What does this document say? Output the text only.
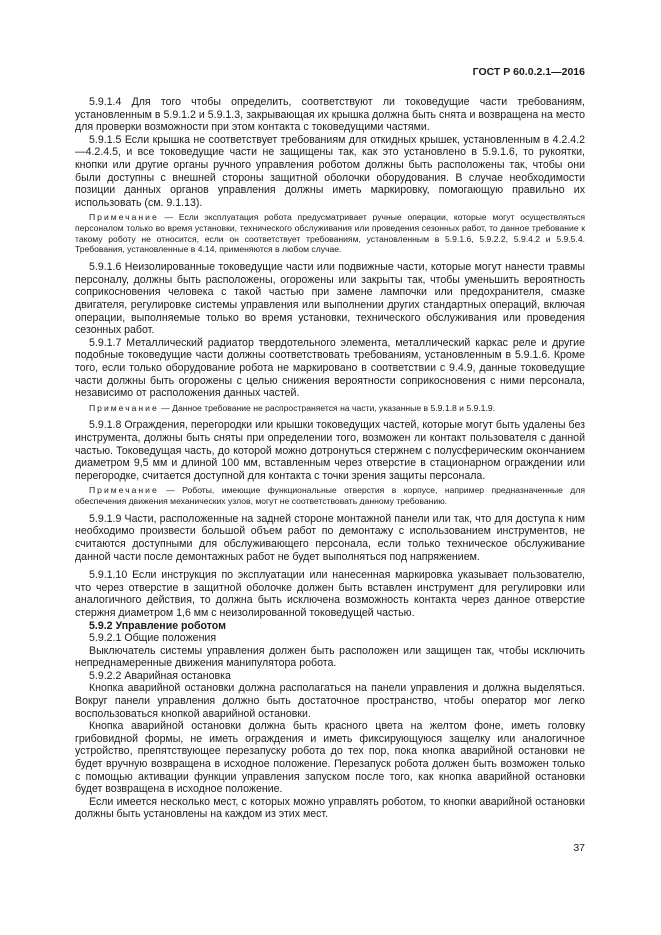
ГОСТ Р 60.0.2.1—2016

5.9.1.4 Для того чтобы определить, соответствуют ли токоведущие части требованиям, установленным в 5.9.1.2 и 5.9.1.3, закрывающая их крышка должна быть снята и возвращена на место для проверки возможности при этом контакта с токоведущими частями.

5.9.1.5 Если крышка не соответствует требованиям для откидных крышек, установленным в 4.2.4.2—4.2.4.5, и все токоведущие части не защищены так, как это установлено в 5.9.1.6, то рукоятки, кнопки или другие органы ручного управления роботом должны быть расположены так, чтобы они были доступны с внешней стороны защитной оболочки оборудования. В случае необходимости позиции данных органов управления должны иметь маркировку, помогающую правильно их использовать (см. 9.1.13).

Примечание — Если эксплуатация робота предусматривает ручные операции, которые могут осуществляться персоналом только во время установки, технического обслуживания или проведения сезонных работ, то данное требование к такому роботу не относится, если он соответствует требованиям, установленным в 5.9.1.6, 5.9.2.2, 5.9.4.2 и 5.9.5.4. Требования, установленные в 4.14, применяются в любом случае.

5.9.1.6 Неизолированные токоведущие части или подвижные части, которые могут нанести травмы персоналу, должны быть расположены, огорожены или закрыты так, чтобы уменьшить вероятность соприкосновения человека с такой частью при замене лампочки или предохранителя, смазке двигателя, регулировке системы управления или выполнении других стандартных операций, включая операции, выполняемые только во время установки, технического обслуживания или проведения сезонных работ.

5.9.1.7 Металлический радиатор твердотельного элемента, металлический каркас реле и другие подобные токоведущие части должны соответствовать требованиям, установленным в 5.9.1.6. Кроме того, если только оборудование робота не маркировано в соответствии с 9.4.9, данные токоведущие части должны быть огорожены с целью снижения вероятности соприкосновения с ними персонала, независимо от расположения данных частей.

Примечание — Данное требование не распространяется на части, указанные в 5.9.1.8 и 5.9.1.9.

5.9.1.8 Ограждения, перегородки или крышки токоведущих частей, которые могут быть удалены без инструмента, должны быть сняты при определении того, возможен ли контакт пользователя с данной частью. Токоведущая часть, до которой можно дотронуться стержнем с полусферическим окончанием диаметром 9,5 мм и длиной 100 мм, вставленным через отверстие в стационарном ограждении или перегородке, считается доступной для контакта с точки зрения защиты персонала.

Примечание — Роботы, имеющие функциональные отверстия в корпусе, например предназначенные для обеспечения движения механических узлов, могут не соответствовать данному требованию.

5.9.1.9 Части, расположенные на задней стороне монтажной панели или так, что для доступа к ним необходимо произвести большой объем работ по демонтажу с использованием инструментов, не считаются доступными для обслуживающего персонала, если только техническое обслуживание данной части после демонтажных работ не будет выполняться под напряжением.

5.9.1.10 Если инструкция по эксплуатации или нанесенная маркировка указывает пользователю, что через отверстие в защитной оболочке должен быть вставлен инструмент для регулировки или аналогичного действия, то должна быть исключена возможность контакта через данное отверстие стержня диаметром 1,6 мм с неизолированной токоведущей частью.

5.9.2 Управление роботом

5.9.2.1 Общие положения

Выключатель системы управления должен быть расположен или защищен так, чтобы исключить непреднамеренные движения манипулятора робота.

5.9.2.2 Аварийная остановка

Кнопка аварийной остановки должна располагаться на панели управления и должна выделяться. Вокруг панели управления должно быть достаточное пространство, чтобы оператор мог легко воспользоваться кнопкой аварийной остановки.

Кнопка аварийной остановки должна быть красного цвета на желтом фоне, иметь головку грибовидной формы, не иметь ограждения и иметь фиксирующуюся защелку или аналогичное устройство, препятствующее перезапуску робота до тех пор, пока кнопка аварийной остановки не будет вручную возвращена в исходное положение. Перезапуск робота должен быть возможен только с помощью активации функции управления запуском после того, как кнопка аварийной остановки будет возвращена в исходное положение.

Если имеется несколько мест, с которых можно управлять роботом, то кнопки аварийной остановки должны быть установлены на каждом из этих мест.

37
